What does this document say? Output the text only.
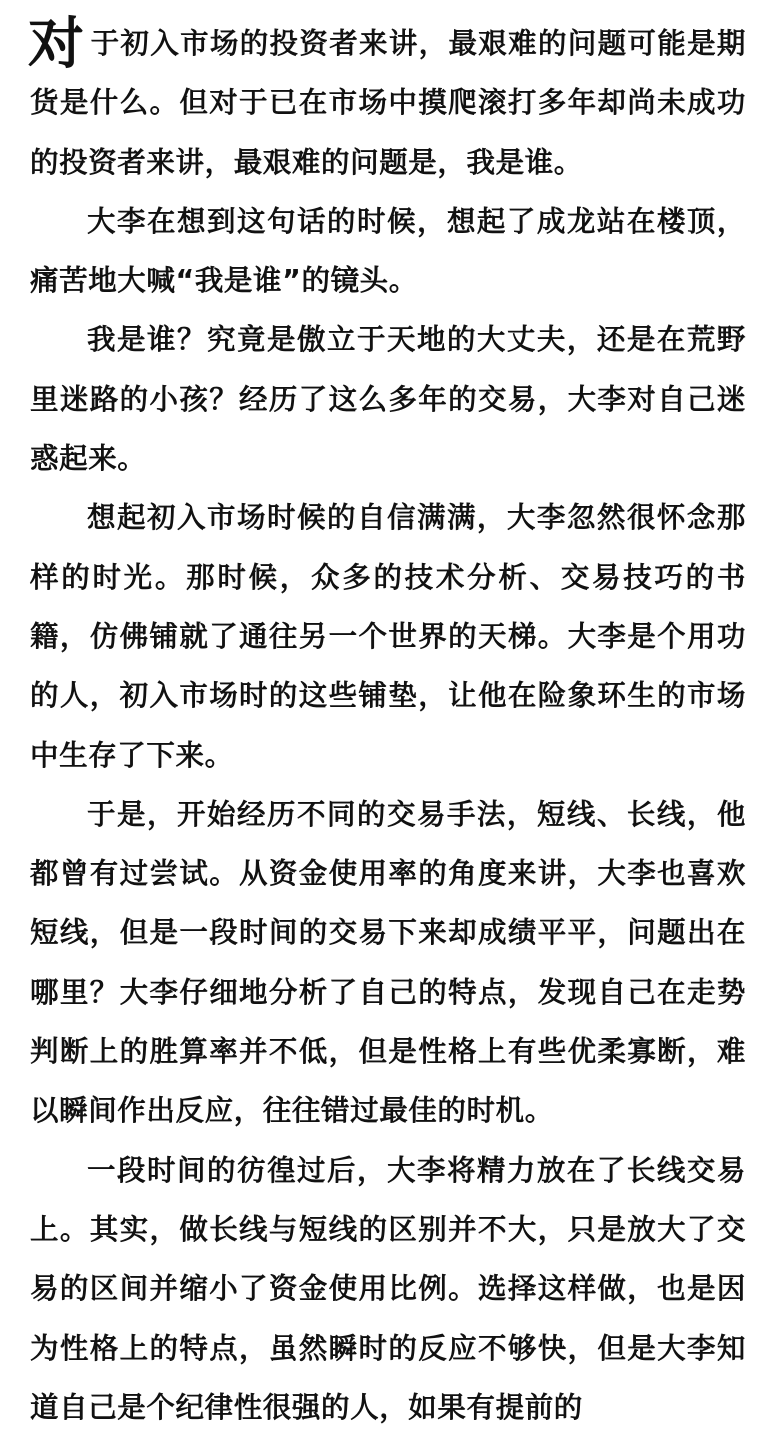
对于初入市场的投资者来讲，最艰难的问题可能是期货是什么。但对于已在市场中摸爬滚打多年却尚未成功的投资者来讲，最艰难的问题是，我是谁。

大李在想到这句话的时候，想起了成龙站在楼顶，痛苦地大喊“我是谁”的镜头。

我是谁？究竟是傲立于天地的大丈夫，还是在荒野里迷路的小孩？经历了这么多年的交易，大李对自己迷惑起来。

想起初入市场时候的自信满满，大李忽然很怀念那样的时光。那时候，众多的技术分析、交易技巧的书籍，仿佛铺就了通往另一个世界的天梯。大李是个用功的人，初入市场时的这些铺垫，让他在险象环生的市场中生存了下来。

于是，开始经历不同的交易手法，短线、长线，他都曾有过尝试。从资金使用率的角度来讲，大李也喜欢短线，但是一段时间的交易下来却成绩平平，问题出在哪里？大李仔细地分析了自己的特点，发现自己在走势判断上的胜算率并不低，但是性格上有些优柔寡断，难以瞬间作出反应，往往错过最佳的时机。

一段时间的彷徨过后，大李将精力放在了长线交易上。其实，做长线与短线的区别并不大，只是放大了交易的区间并缩小了资金使用比例。选择这样做，也是因为性格上的特点，虽然瞬时的反应不够快，但是大李知道自己是个纪律性很强的人，如果有提前的
